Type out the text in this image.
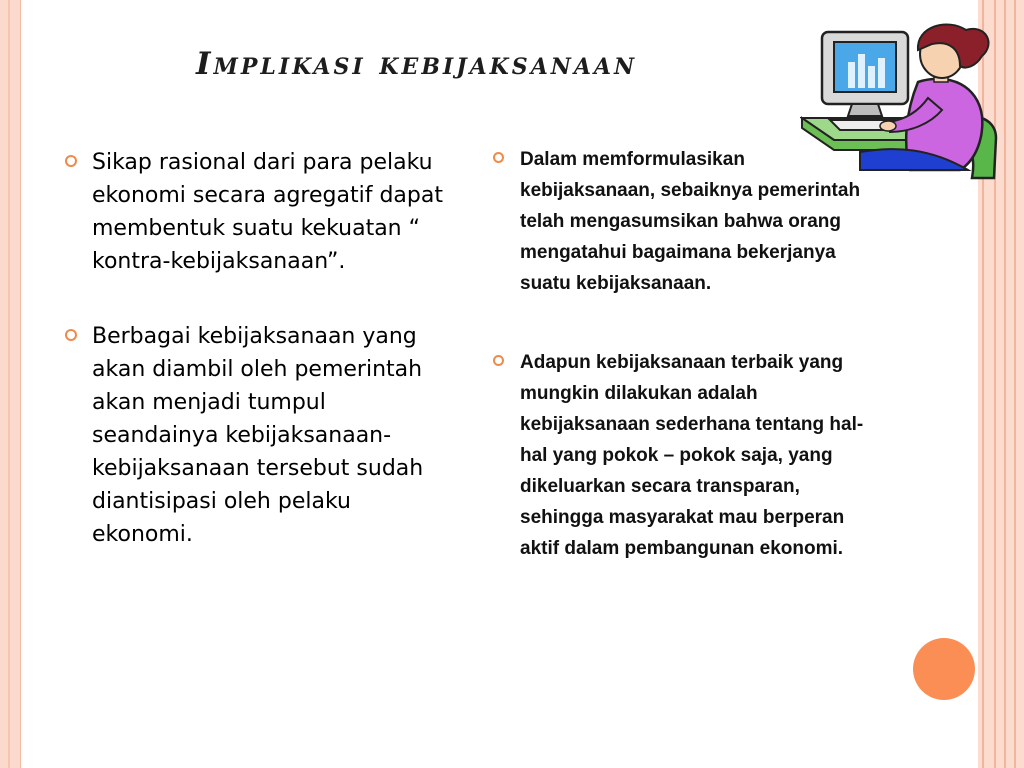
Implikasi kebijaksanaan
Sikap rasional dari para pelaku ekonomi secara agregatif dapat membentuk suatu kekuatan “ kontra-kebijaksanaan”.
Berbagai kebijaksanaan yang akan diambil oleh pemerintah akan menjadi tumpul seandainya kebijaksanaan-kebijaksanaan tersebut sudah diantisipasi oleh pelaku ekonomi.
Dalam memformulasikan kebijaksanaan, sebaiknya pemerintah telah mengasumsikan bahwa orang mengatahui bagaimana bekerjanya suatu kebijaksanaan.
Adapun kebijaksanaan terbaik yang mungkin dilakukan adalah kebijaksanaan sederhana tentang hal-hal yang pokok – pokok saja, yang dikeluarkan secara transparan, sehingga masyarakat mau berperan aktif dalam pembangunan ekonomi.
